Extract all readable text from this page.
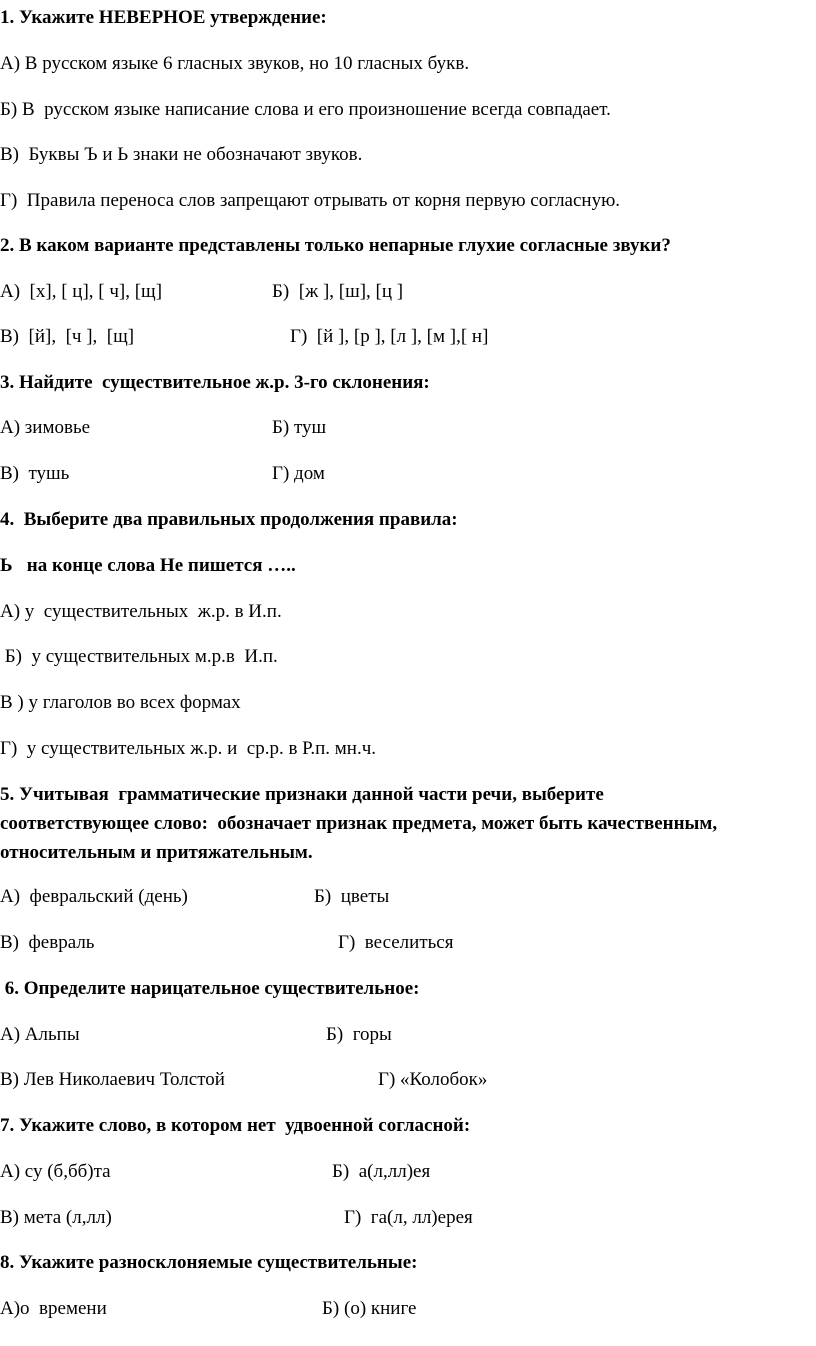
1. Укажите НЕВЕРНОЕ утверждение:
А) В русском языке 6 гласных звуков, но 10 гласных букв.
Б) В  русском языке написание слова и его произношение всегда совпадает.
В)  Буквы Ъ и Ь знаки не обозначают звуков.
Г)  Правила переноса слов запрещают отрывать от корня первую согласную.
2. В каком варианте представлены только непарные глухие согласные звуки?
А)  [х], [ ц], [ ч], [щ]	Б)  [ж ], [ш], [ц ]
В)  [й],  [ч ],  [щ]	Г)  [й ], [р ], [л ], [м ],[ н]
3. Найдите  существительное ж.р. 3-го склонения:
А) зимовье	Б) туш
В)  тушь	Г) дом
4.  Выберите два правильных продолжения правила:
Ь   на конце слова Не пишется …..
А) у  существительных  ж.р. в И.п.
Б)  у существительных м.р.в  И.п.
В ) у глаголов во всех формах
Г)  у существительных ж.р. и  ср.р. в Р.п. мн.ч.
5. Учитывая  грамматические признаки данной части речи, выберите
соответствующее слово:  обозначает признак предмета, может быть качественным,
относительным и притяжательным.
А)  февральский (день)	Б)  цветы
В)  февраль	Г)  веселиться
6. Определите нарицательное существительное:
А) Альпы	Б)  горы
В) Лев Николаевич Толстой	Г) «Колобок»
7. Укажите слово, в котором нет  удвоенной согласной:
А) су (б,бб)та	Б)  а(л,лл)ея
В) мета (л,лл)	Г)  га(л, лл)ерея
8. Укажите разносклоняемые существительные:
А)о  времени	Б) (о) книге
